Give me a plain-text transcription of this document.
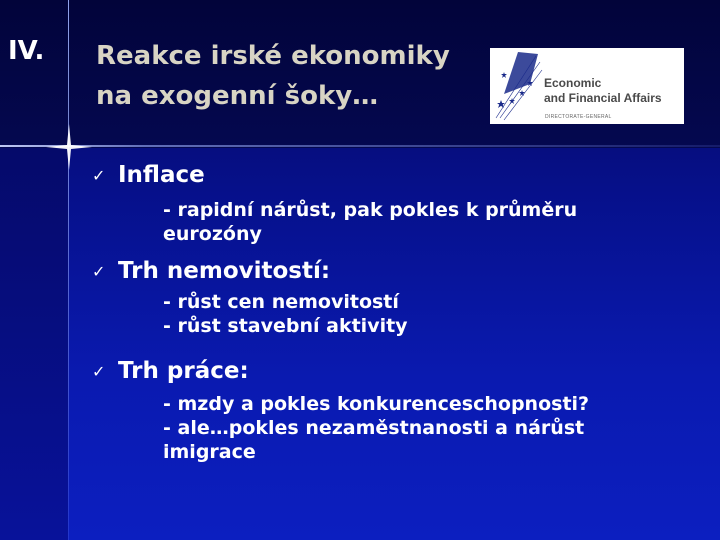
IV. Reakce irské ekonomiky
na exogenní šoky…	Economic
and Financial Affairs
DIRECTORATE-GENERAL
✓ Inflace
- rapidní nárůst, pak pokles k průměru
eurozóny
✓ Trh nemovitostí:
- růst cen nemovitostí
- růst stavební aktivity
✓ Trh práce:
- mzdy a pokles konkurenceschopnosti?
- ale…pokles nezaměstnanosti a nárůst
imigrace
